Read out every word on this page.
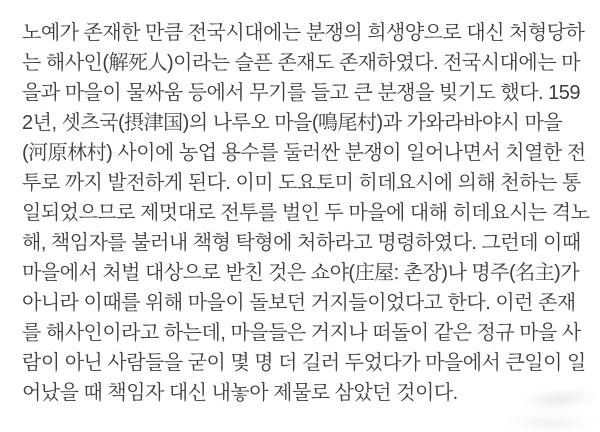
노예가 존재한 만큼 전국시대에는 분쟁의 희생양으로 대신 처형당하
는 해사인(解死人)이라는 슬픈 존재도 존재하였다. 전국시대에는 마
을과 마을이 물싸움 등에서 무기를 들고 큰 분쟁을 빚기도 했다. 159
2년, 셋츠국(摂津国)의 나루오 마을(鳴尾村)과 가와라바야시 마을
(河原林村) 사이에 농업 용수를 둘러싼 분쟁이 일어나면서 치열한 전
투로 까지 발전하게 된다. 이미 도요토미 히데요시에 의해 천하는 통
일되었으므로 제멋대로 전투를 벌인 두 마을에 대해 히데요시는 격노
해, 책임자를 불러내 책형 탁형에 처하라고 명령하였다. 그런데 이때
마을에서 처벌 대상으로 받친 것은 쇼야(庄屋: 촌장)나 명주(名主)가
아니라 이때를 위해 마을이 돌보던 거지들이었다고 한다. 이런 존재
를 해사인이라고 하는데, 마을들은 거지나 떠돌이 같은 정규 마을 사
람이 아닌 사람들을 굳이 몇 명 더 길러 두었다가 마을에서 큰일이 일
어났을 때 책임자 대신 내놓아 제물로 삼았던 것이다.
